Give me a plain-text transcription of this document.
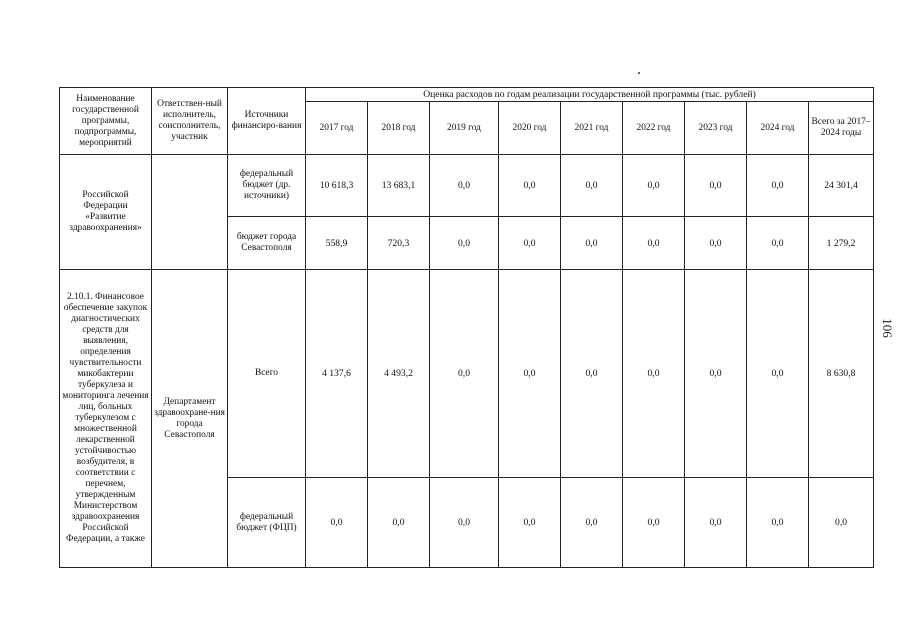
Наименование государственной программы, подпрограммы, мероприятий	Ответствен-ный исполнитель, соисполнитель, участник	Источники финансиро-вания	Оценка расходов по годам реализации государственной программы (тыс. рублей)								
			2017 год	2018 год	2019 год	2020 год	2021 год	2022 год	2023 год	2024 год	Всего за 2017–2024 годы
Российской Федерации «Развитие здравоохранения»		федеральный бюджет (др. источники)	10 618,3	13 683,1	0,0	0,0	0,0	0,0	0,0	0,0	24 301,4
		бюджет города Севастополя	558,9	720,3	0,0	0,0	0,0	0,0	0,0	0,0	1 279,2
2.10.1. Финансовое обеспечение закупок диагностических средств для выявления, определения чувствительности микобактерии туберкулеза и мониторинга лечения лиц, больных туберкулезом с множественной лекарственной устойчивостью возбудителя, в соответствии с перечнем, утвержденным Министерством здравоохранения Российской Федерации, а также	Департамент здравоохране-ния города Севастополя	Всего	4 137,6	4 493,2	0,0	0,0	0,0	0,0	0,0	0,0	8 630,8
		федеральный бюджет (ФЦП)	0,0	0,0	0,0	0,0	0,0	0,0	0,0	0,0	0,0
106
